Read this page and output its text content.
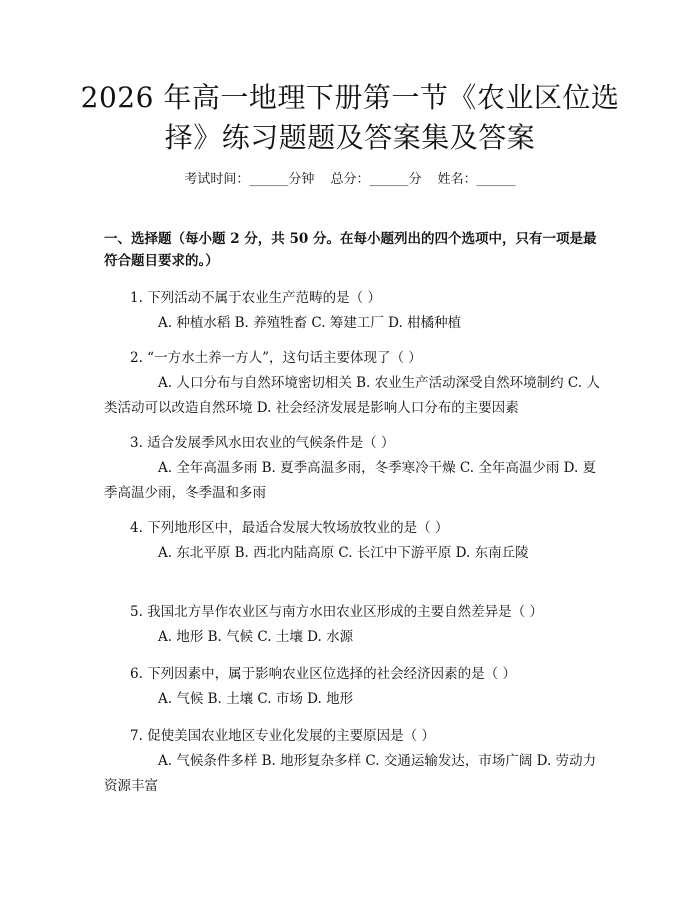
2026 年高一地理下册第一节《农业区位选
择》练习题题及答案集及答案
考试时间：______分钟 总分：______分 姓名：______
一、选择题（每小题 2 分，共 50 分。在每小题列出的四个选项中，只有一项是最符合题目要求的。）
1. 下列活动不属于农业生产范畴的是（ ）
A. 种植水稻 B. 养殖牲畜 C. 筹建工厂 D. 柑橘种植
2. “一方水土养一方人”，这句话主要体现了（ ）
A. 人口分布与自然环境密切相关 B. 农业生产活动深受自然环境制约 C. 人类活动可以改造自然环境 D. 社会经济发展是影响人口分布的主要因素
3. 适合发展季风水田农业的气候条件是（ ）
A. 全年高温多雨 B. 夏季高温多雨，冬季寒冷干燥 C. 全年高温少雨 D. 夏季高温少雨，冬季温和多雨
4. 下列地形区中，最适合发展大牧场放牧业的是（ ）
A. 东北平原 B. 西北内陆高原 C. 长江中下游平原 D. 东南丘陵
5. 我国北方旱作农业区与南方水田农业区形成的主要自然差异是（ ）
A. 地形 B. 气候 C. 土壤 D. 水源
6. 下列因素中，属于影响农业区位选择的社会经济因素的是（ ）
A. 气候 B. 土壤 C. 市场 D. 地形
7. 促使美国农业地区专业化发展的主要原因是（ ）
A. 气候条件多样 B. 地形复杂多样 C. 交通运输发达，市场广阔 D. 劳动力资源丰富
